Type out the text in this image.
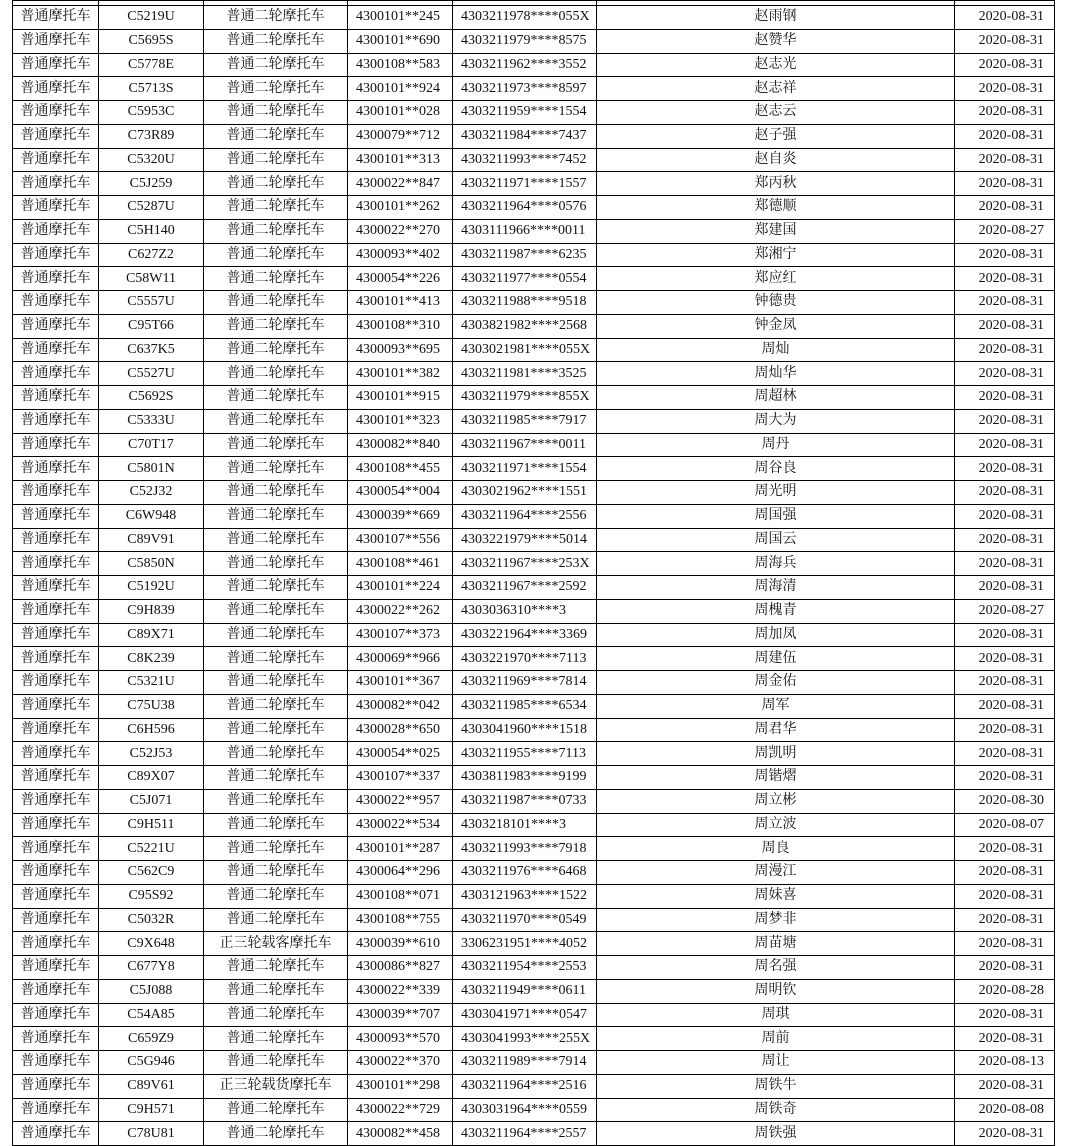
普通摩托车	C5219U	普通二轮摩托车	4300101**245	4303211978****055X	赵雨钢	2020-08-31
普通摩托车	C5695S	普通二轮摩托车	4300101**690	4303211979****8575	赵赞华	2020-08-31
普通摩托车	C5778E	普通二轮摩托车	4300108**583	4303211962****3552	赵志光	2020-08-31
普通摩托车	C5713S	普通二轮摩托车	4300101**924	4303211973****8597	赵志祥	2020-08-31
普通摩托车	C5953C	普通二轮摩托车	4300101**028	4303211959****1554	赵志云	2020-08-31
普通摩托车	C73R89	普通二轮摩托车	4300079**712	4303211984****7437	赵子强	2020-08-31
普通摩托车	C5320U	普通二轮摩托车	4300101**313	4303211993****7452	赵自炎	2020-08-31
普通摩托车	C5J259	普通二轮摩托车	4300022**847	4303211971****1557	郑丙秋	2020-08-31
普通摩托车	C5287U	普通二轮摩托车	4300101**262	4303211964****0576	郑德顺	2020-08-31
普通摩托车	C5H140	普通二轮摩托车	4300022**270	4303111966****0011	郑建国	2020-08-27
普通摩托车	C627Z2	普通二轮摩托车	4300093**402	4303211987****6235	郑湘宁	2020-08-31
普通摩托车	C58W11	普通二轮摩托车	4300054**226	4303211977****0554	郑应红	2020-08-31
普通摩托车	C5557U	普通二轮摩托车	4300101**413	4303211988****9518	钟德贵	2020-08-31
普通摩托车	C95T66	普通二轮摩托车	4300108**310	4303821982****2568	钟金凤	2020-08-31
普通摩托车	C637K5	普通二轮摩托车	4300093**695	4303021981****055X	周灿	2020-08-31
普通摩托车	C5527U	普通二轮摩托车	4300101**382	4303211981****3525	周灿华	2020-08-31
普通摩托车	C5692S	普通二轮摩托车	4300101**915	4303211979****855X	周超林	2020-08-31
普通摩托车	C5333U	普通二轮摩托车	4300101**323	4303211985****7917	周大为	2020-08-31
普通摩托车	C70T17	普通二轮摩托车	4300082**840	4303211967****0011	周丹	2020-08-31
普通摩托车	C5801N	普通二轮摩托车	4300108**455	4303211971****1554	周谷良	2020-08-31
普通摩托车	C52J32	普通二轮摩托车	4300054**004	4303021962****1551	周光明	2020-08-31
普通摩托车	C6W948	普通二轮摩托车	4300039**669	4303211964****2556	周国强	2020-08-31
普通摩托车	C89V91	普通二轮摩托车	4300107**556	4303221979****5014	周国云	2020-08-31
普通摩托车	C5850N	普通二轮摩托车	4300108**461	4303211967****253X	周海兵	2020-08-31
普通摩托车	C5192U	普通二轮摩托车	4300101**224	4303211967****2592	周海清	2020-08-31
普通摩托车	C9H839	普通二轮摩托车	4300022**262	4303036310****3	周槐青	2020-08-27
普通摩托车	C89X71	普通二轮摩托车	4300107**373	4303221964****3369	周加凤	2020-08-31
普通摩托车	C8K239	普通二轮摩托车	4300069**966	4303221970****7113	周建伍	2020-08-31
普通摩托车	C5321U	普通二轮摩托车	4300101**367	4303211969****7814	周金佑	2020-08-31
普通摩托车	C75U38	普通二轮摩托车	4300082**042	4303211985****6534	周军	2020-08-31
普通摩托车	C6H596	普通二轮摩托车	4300028**650	4303041960****1518	周君华	2020-08-31
普通摩托车	C52J53	普通二轮摩托车	4300054**025	4303211955****7113	周凯明	2020-08-31
普通摩托车	C89X07	普通二轮摩托车	4300107**337	4303811983****9199	周锴熠	2020-08-31
普通摩托车	C5J071	普通二轮摩托车	4300022**957	4303211987****0733	周立彬	2020-08-30
普通摩托车	C9H511	普通二轮摩托车	4300022**534	4303218101****3	周立波	2020-08-07
普通摩托车	C5221U	普通二轮摩托车	4300101**287	4303211993****7918	周良	2020-08-31
普通摩托车	C562C9	普通二轮摩托车	4300064**296	4303211976****6468	周漫江	2020-08-31
普通摩托车	C95S92	普通二轮摩托车	4300108**071	4303121963****1522	周妹喜	2020-08-31
普通摩托车	C5032R	普通二轮摩托车	4300108**755	4303211970****0549	周梦非	2020-08-31
普通摩托车	C9X648	正三轮载客摩托车	4300039**610	3306231951****4052	周苗塘	2020-08-31
普通摩托车	C677Y8	普通二轮摩托车	4300086**827	4303211954****2553	周名强	2020-08-31
普通摩托车	C5J088	普通二轮摩托车	4300022**339	4303211949****0611	周明钦	2020-08-28
普通摩托车	C54A85	普通二轮摩托车	4300039**707	4303041971****0547	周琪	2020-08-31
普通摩托车	C659Z9	普通二轮摩托车	4300093**570	4303041993****255X	周前	2020-08-31
普通摩托车	C5G946	普通二轮摩托车	4300022**370	4303211989****7914	周让	2020-08-13
普通摩托车	C89V61	正三轮载货摩托车	4300101**298	4303211964****2516	周铁牛	2020-08-31
普通摩托车	C9H571	普通二轮摩托车	4300022**729	4303031964****0559	周铁奇	2020-08-08
普通摩托车	C78U81	普通二轮摩托车	4300082**458	4303211964****2557	周铁强	2020-08-31
